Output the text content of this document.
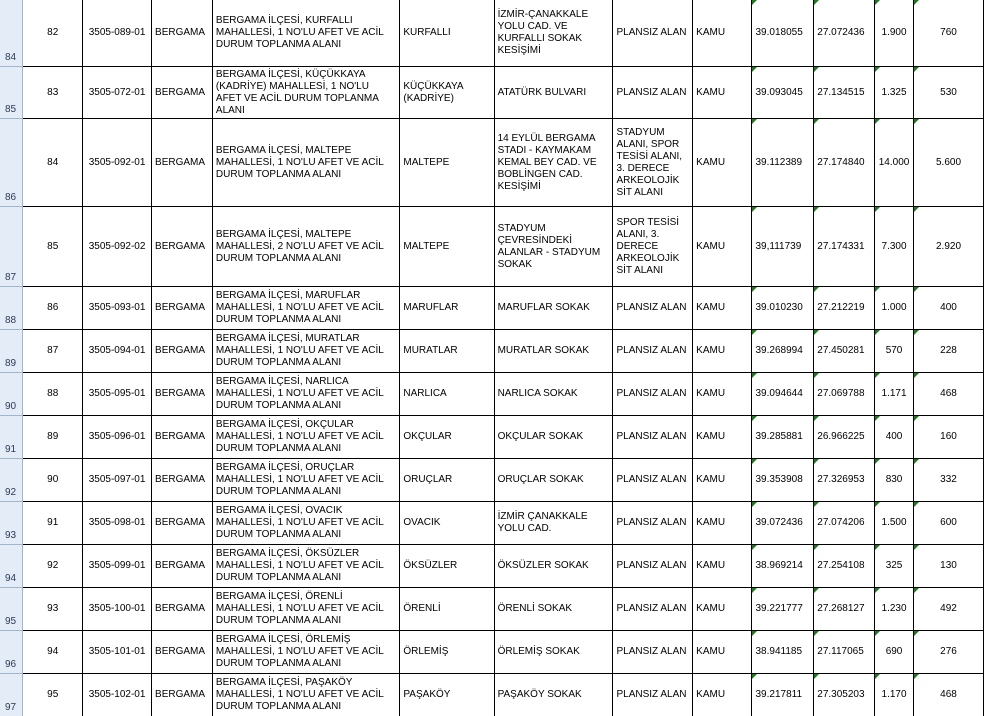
84	82	3505-089-01	BERGAMA	BERGAMA İLÇESİ, KURFALLI MAHALLESİ, 1 NO'LU AFET VE ACİL DURUM TOPLANMA ALANI	KURFALLI	İZMİR-ÇANAKKALE YOLU CAD. VE KURFALLI SOKAK KESİŞİMİ	PLANSIZ ALAN	KAMU	39.018055	27.072436	1.900	760
85	83	3505-072-01	BERGAMA	BERGAMA İLÇESİ, KÜÇÜKKAYA (KADRİYE) MAHALLESİ, 1 NO'LU AFET VE ACİL DURUM TOPLANMA ALANI	KÜÇÜKKAYA (KADRİYE)	ATATÜRK BULVARI	PLANSIZ ALAN	KAMU	39.093045	27.134515	1.325	530
86	84	3505-092-01	BERGAMA	BERGAMA İLÇESİ, MALTEPE MAHALLESİ, 1 NO'LU AFET VE ACİL DURUM TOPLANMA ALANI	MALTEPE	14 EYLÜL BERGAMA STADI - KAYMAKAM KEMAL BEY CAD. VE BOBLİNGEN CAD. KESİŞİMİ	STADYUM ALANI, SPOR TESİSİ ALANI, 3. DERECE ARKEOLOJİK SİT ALANI	KAMU	39.112389	27.174840	14.000	5.600
87	85	3505-092-02	BERGAMA	BERGAMA İLÇESİ, MALTEPE MAHALLESİ, 2 NO'LU AFET VE ACİL DURUM TOPLANMA ALANI	MALTEPE	STADYUM ÇEVRESİNDEKİ ALANLAR - STADYUM SOKAK	SPOR TESİSİ ALANI, 3. DERECE ARKEOLOJİK SİT ALANI	KAMU	39,111739	27.174331	7.300	2.920
88	86	3505-093-01	BERGAMA	BERGAMA İLÇESİ, MARUFLAR MAHALLESİ, 1 NO'LU AFET VE ACİL DURUM TOPLANMA ALANI	MARUFLAR	MARUFLAR SOKAK	PLANSIZ ALAN	KAMU	39.010230	27.212219	1.000	400
89	87	3505-094-01	BERGAMA	BERGAMA İLÇESİ, MURATLAR MAHALLESİ, 1 NO'LU AFET VE ACİL DURUM TOPLANMA ALANI	MURATLAR	MURATLAR SOKAK	PLANSIZ ALAN	KAMU	39.268994	27.450281	570	228
90	88	3505-095-01	BERGAMA	BERGAMA İLÇESİ, NARLICA MAHALLESİ, 1 NO'LU AFET VE ACİL DURUM TOPLANMA ALANI	NARLICA	NARLICA SOKAK	PLANSIZ ALAN	KAMU	39.094644	27.069788	1.171	468
91	89	3505-096-01	BERGAMA	BERGAMA İLÇESİ, OKÇULAR MAHALLESİ, 1 NO'LU AFET VE ACİL DURUM TOPLANMA ALANI	OKÇULAR	OKÇULAR SOKAK	PLANSIZ ALAN	KAMU	39.285881	26.966225	400	160
92	90	3505-097-01	BERGAMA	BERGAMA İLÇESİ, ORUÇLAR MAHALLESİ, 1 NO'LU AFET VE ACİL DURUM TOPLANMA ALANI	ORUÇLAR	ORUÇLAR SOKAK	PLANSIZ ALAN	KAMU	39.353908	27.326953	830	332
93	91	3505-098-01	BERGAMA	BERGAMA İLÇESİ, OVACIK MAHALLESİ, 1 NO'LU AFET VE ACİL DURUM TOPLANMA ALANI	OVACIK	İZMİR ÇANAKKALE YOLU CAD.	PLANSIZ ALAN	KAMU	39.072436	27.074206	1.500	600
94	92	3505-099-01	BERGAMA	BERGAMA İLÇESİ, ÖKSÜZLER MAHALLESİ, 1 NO'LU AFET VE ACİL DURUM TOPLANMA ALANI	ÖKSÜZLER	ÖKSÜZLER SOKAK	PLANSIZ ALAN	KAMU	38.969214	27.254108	325	130
95	93	3505-100-01	BERGAMA	BERGAMA İLÇESİ, ÖRENLİ MAHALLESİ, 1 NO'LU AFET VE ACİL DURUM TOPLANMA ALANI	ÖRENLİ	ÖRENLİ SOKAK	PLANSIZ ALAN	KAMU	39.221777	27.268127	1.230	492
96	94	3505-101-01	BERGAMA	BERGAMA İLÇESİ, ÖRLEMİŞ MAHALLESİ, 1 NO'LU AFET VE ACİL DURUM TOPLANMA ALANI	ÖRLEMİŞ	ÖRLEMİŞ SOKAK	PLANSIZ ALAN	KAMU	38.941185	27.117065	690	276
97	95	3505-102-01	BERGAMA	BERGAMA İLÇESİ, PAŞAKÖY MAHALLESİ, 1 NO'LU AFET VE ACİL DURUM TOPLANMA ALANI	PAŞAKÖY	PAŞAKÖY SOKAK	PLANSIZ ALAN	KAMU	39.217811	27.305203	1.170	468
